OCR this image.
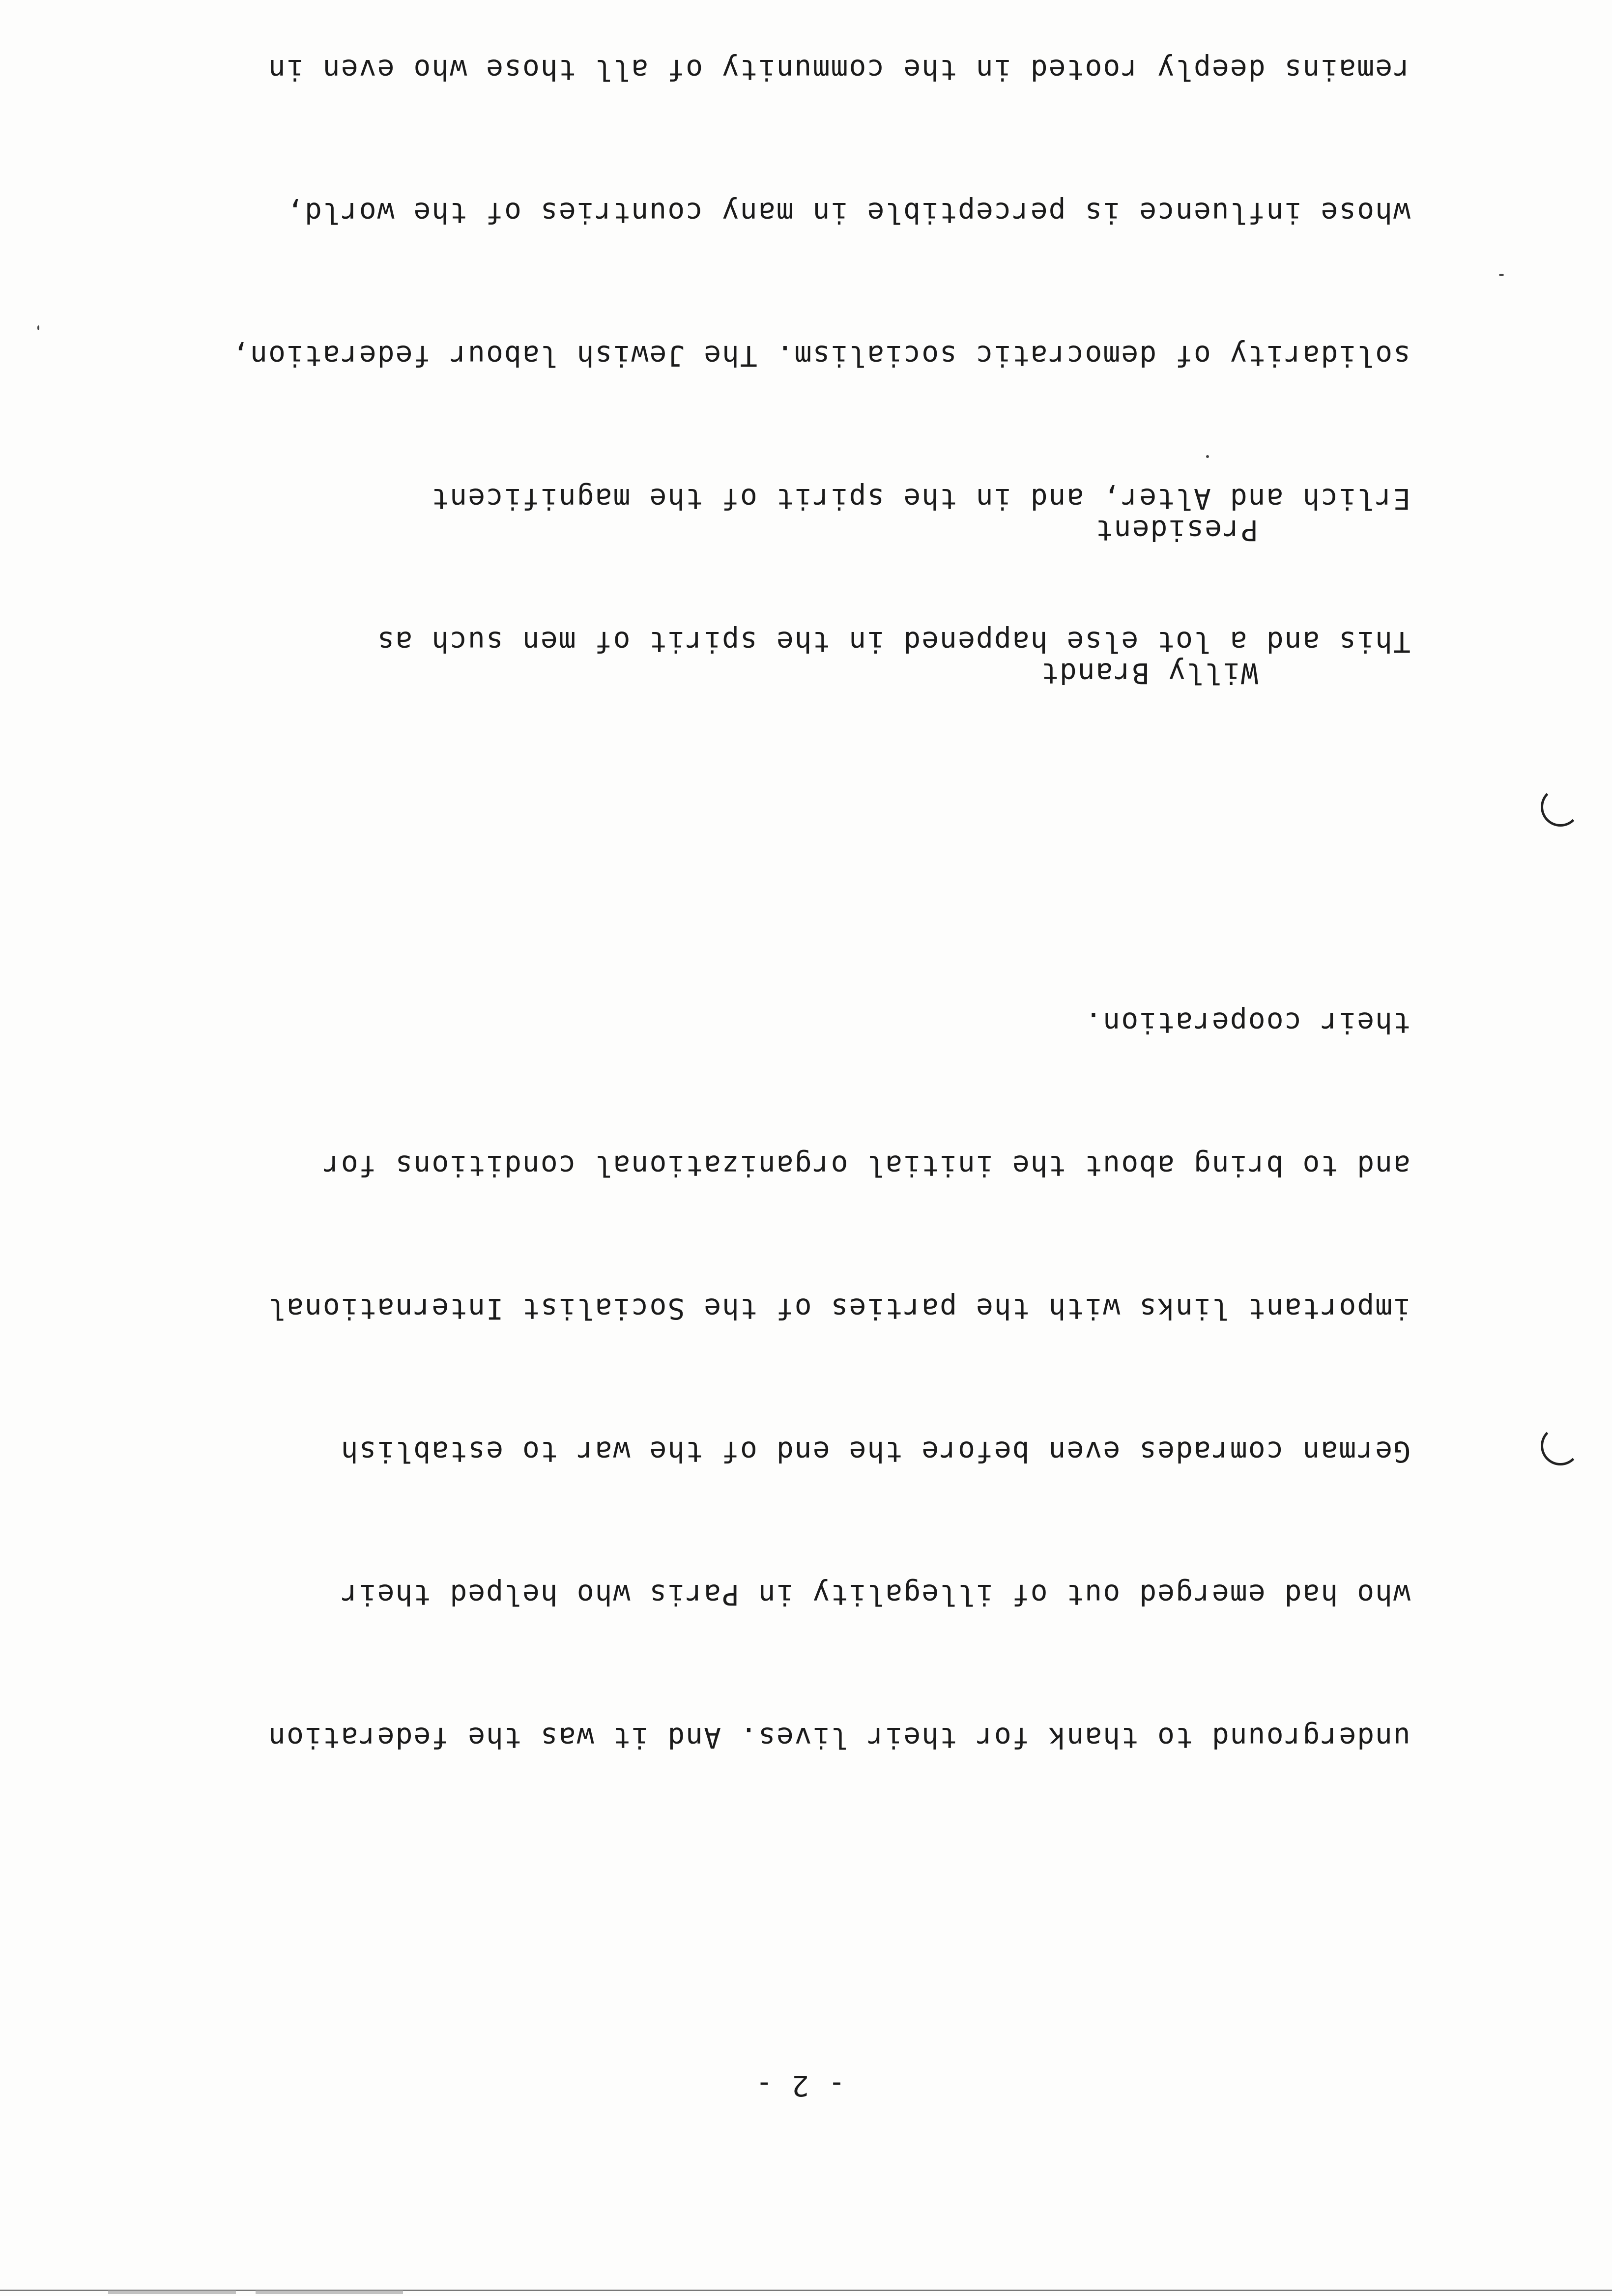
- 2 -

underground to thank for their lives. And it was the federation

who had emerged out of illegality in Paris who helped their

German comrades even before the end of the war to establish

important links with the parties of the Socialist International

and to bring about the initial organizational conditions for

their cooperation.

This and a lot else happened in the spirit of men such as

Erlich and Alter, and in the spirit of the magnificent

solidarity of democratic socialism. The Jewish labour federation,

whose influence is perceptible in many countries of the world,

remains deeply rooted in the community of all those who even in

Willy Brandt

President
